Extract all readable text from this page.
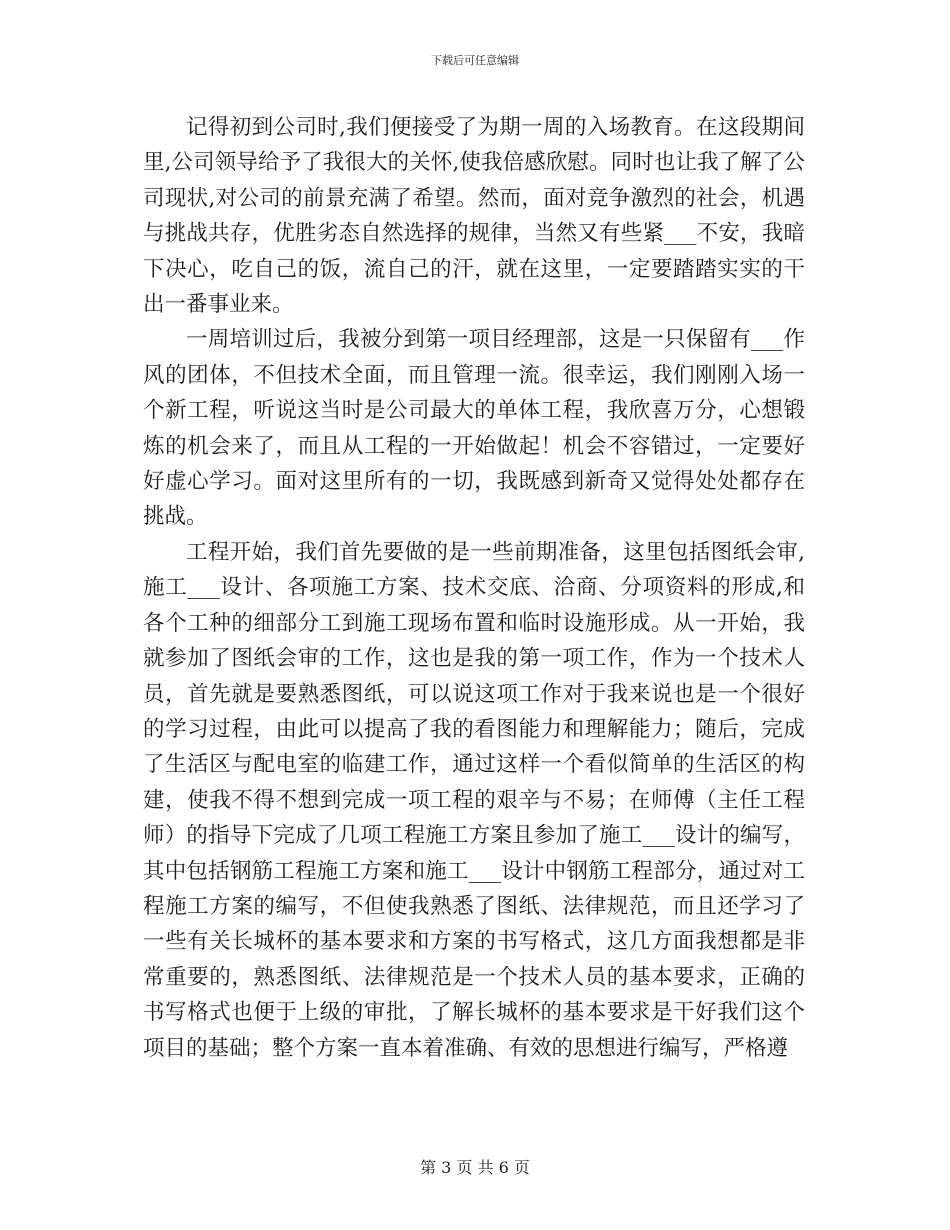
下载后可任意编辑

记得初到公司时,我们便接受了为期一周的入场教育。在这段期间里,公司领导给予了我很大的关怀,使我倍感欣慰。同时也让我了解了公司现状,对公司的前景充满了希望。然而，面对竞争激烈的社会，机遇与挑战共存，优胜劣态自然选择的规律，当然又有些紧___不安，我暗下决心，吃自己的饭，流自己的汗，就在这里，一定要踏踏实实的干出一番事业来。

一周培训过后，我被分到第一项目经理部，这是一只保留有___作风的团体，不但技术全面，而且管理一流。很幸运，我们刚刚入场一个新工程，听说这当时是公司最大的单体工程，我欣喜万分，心想锻炼的机会来了，而且从工程的一开始做起！机会不容错过，一定要好好虚心学习。面对这里所有的一切，我既感到新奇又觉得处处都存在挑战。

工程开始，我们首先要做的是一些前期准备，这里包括图纸会审,施工___设计、各项施工方案、技术交底、洽商、分项资料的形成,和各个工种的细部分工到施工现场布置和临时设施形成。从一开始，我就参加了图纸会审的工作，这也是我的第一项工作，作为一个技术人员，首先就是要熟悉图纸，可以说这项工作对于我来说也是一个很好的学习过程，由此可以提高了我的看图能力和理解能力；随后，完成了生活区与配电室的临建工作，通过这样一个看似简单的生活区的构建，使我不得不想到完成一项工程的艰辛与不易；在师傅（主任工程师）的指导下完成了几项工程施工方案且参加了施工___设计的编写，其中包括钢筋工程施工方案和施工___设计中钢筋工程部分，通过对工程施工方案的编写，不但使我熟悉了图纸、法律规范，而且还学习了一些有关长城杯的基本要求和方案的书写格式，这几方面我想都是非常重要的，熟悉图纸、法律规范是一个技术人员的基本要求，正确的书写格式也便于上级的审批，了解长城杯的基本要求是干好我们这个项目的基础；整个方案一直本着准确、有效的思想进行编写，严格遵

第 3 页 共 6 页
